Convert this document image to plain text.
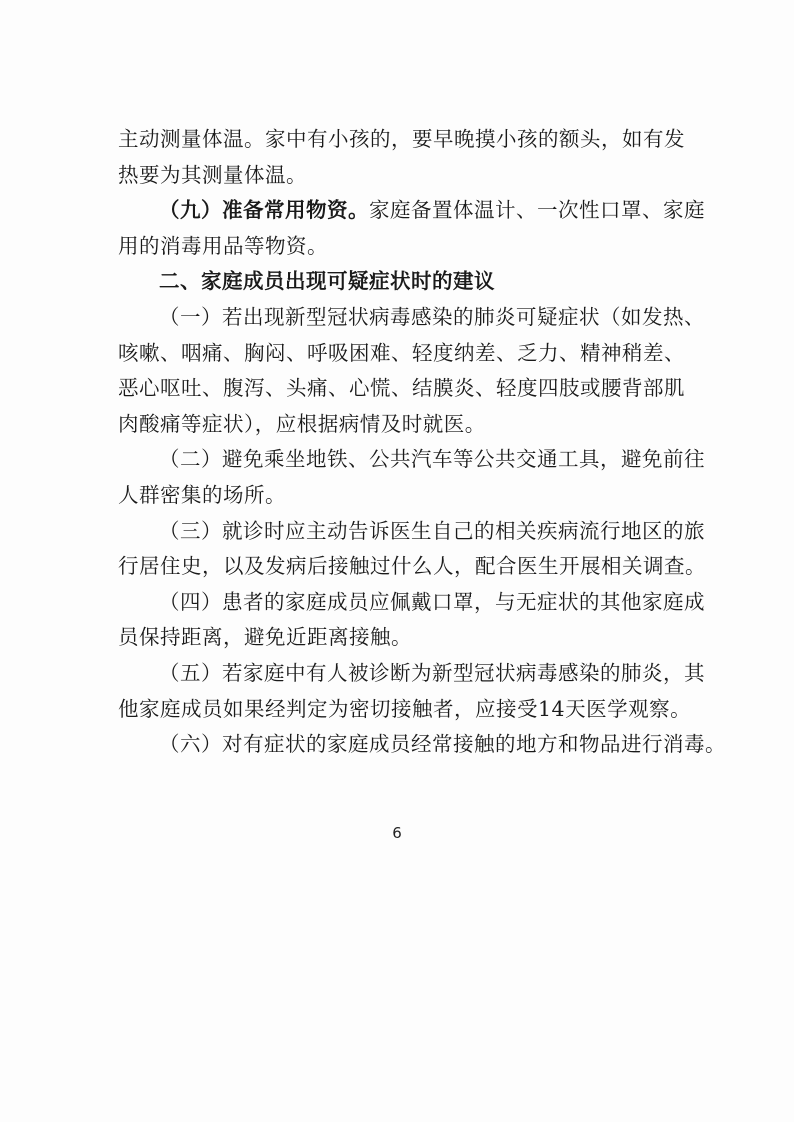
主动测量体温。家中有小孩的，要早晚摸小孩的额头，如有发
热要为其测量体温。
（九）准备常用物资。家庭备置体温计、一次性口罩、家庭
用的消毒用品等物资。
二、家庭成员出现可疑症状时的建议
（一）若出现新型冠状病毒感染的肺炎可疑症状（如发热、
咳嗽、咽痛、胸闷、呼吸困难、轻度纳差、乏力、精神稍差、
恶心呕吐、腹泻、头痛、心慌、结膜炎、轻度四肢或腰背部肌
肉酸痛等症状），应根据病情及时就医。
（二）避免乘坐地铁、公共汽车等公共交通工具，避免前往
人群密集的场所。
（三）就诊时应主动告诉医生自己的相关疾病流行地区的旅
行居住史，以及发病后接触过什么人，配合医生开展相关调查。
（四）患者的家庭成员应佩戴口罩，与无症状的其他家庭成
员保持距离，避免近距离接触。
（五）若家庭中有人被诊断为新型冠状病毒感染的肺炎，其
他家庭成员如果经判定为密切接触者，应接受14天医学观察。
（六）对有症状的家庭成员经常接触的地方和物品进行消毒。
6
